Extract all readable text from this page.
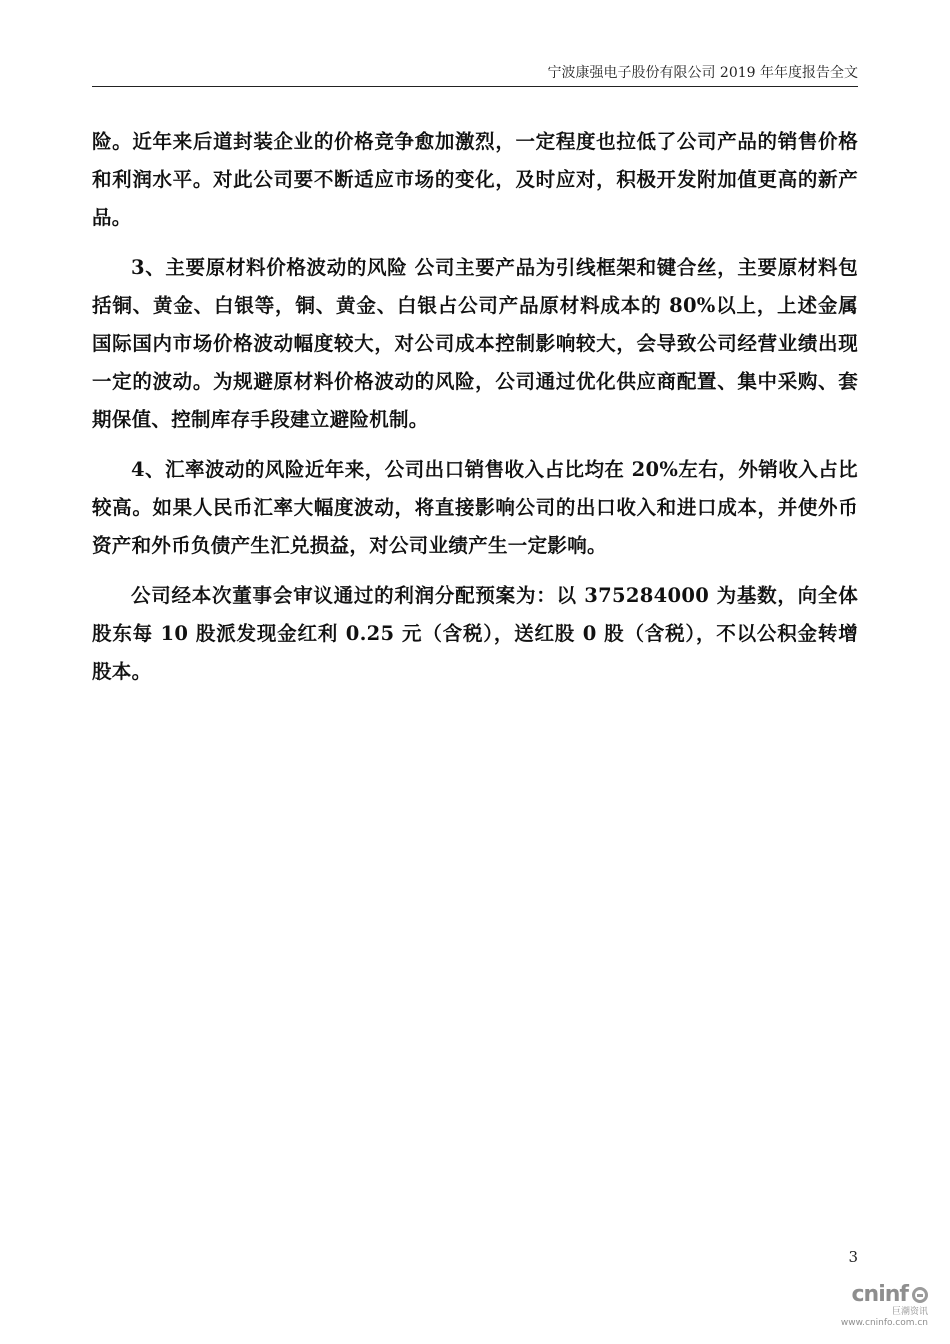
宁波康强电子股份有限公司 2019 年年度报告全文

险。近年来后道封装企业的价格竞争愈加激烈，一定程度也拉低了公司产品的销售价格和利润水平。对此公司要不断适应市场的变化，及时应对，积极开发附加值更高的新产品。

3、主要原材料价格波动的风险 公司主要产品为引线框架和键合丝，主要原材料包括铜、黄金、白银等，铜、黄金、白银占公司产品原材料成本的 80%以上，上述金属国际国内市场价格波动幅度较大，对公司成本控制影响较大，会导致公司经营业绩出现一定的波动。为规避原材料价格波动的风险，公司通过优化供应商配置、集中采购、套期保值、控制库存手段建立避险机制。

4、汇率波动的风险近年来，公司出口销售收入占比均在 20%左右，外销收入占比较高。如果人民币汇率大幅度波动，将直接影响公司的出口收入和进口成本，并使外币资产和外币负债产生汇兑损益，对公司业绩产生一定影响。

公司经本次董事会审议通过的利润分配预案为：以 375284000 为基数，向全体股东每 10 股派发现金红利 0.25 元（含税），送红股 0 股（含税），不以公积金转增股本。

3
cninf
巨潮资讯
www.cninfo.com.cn
